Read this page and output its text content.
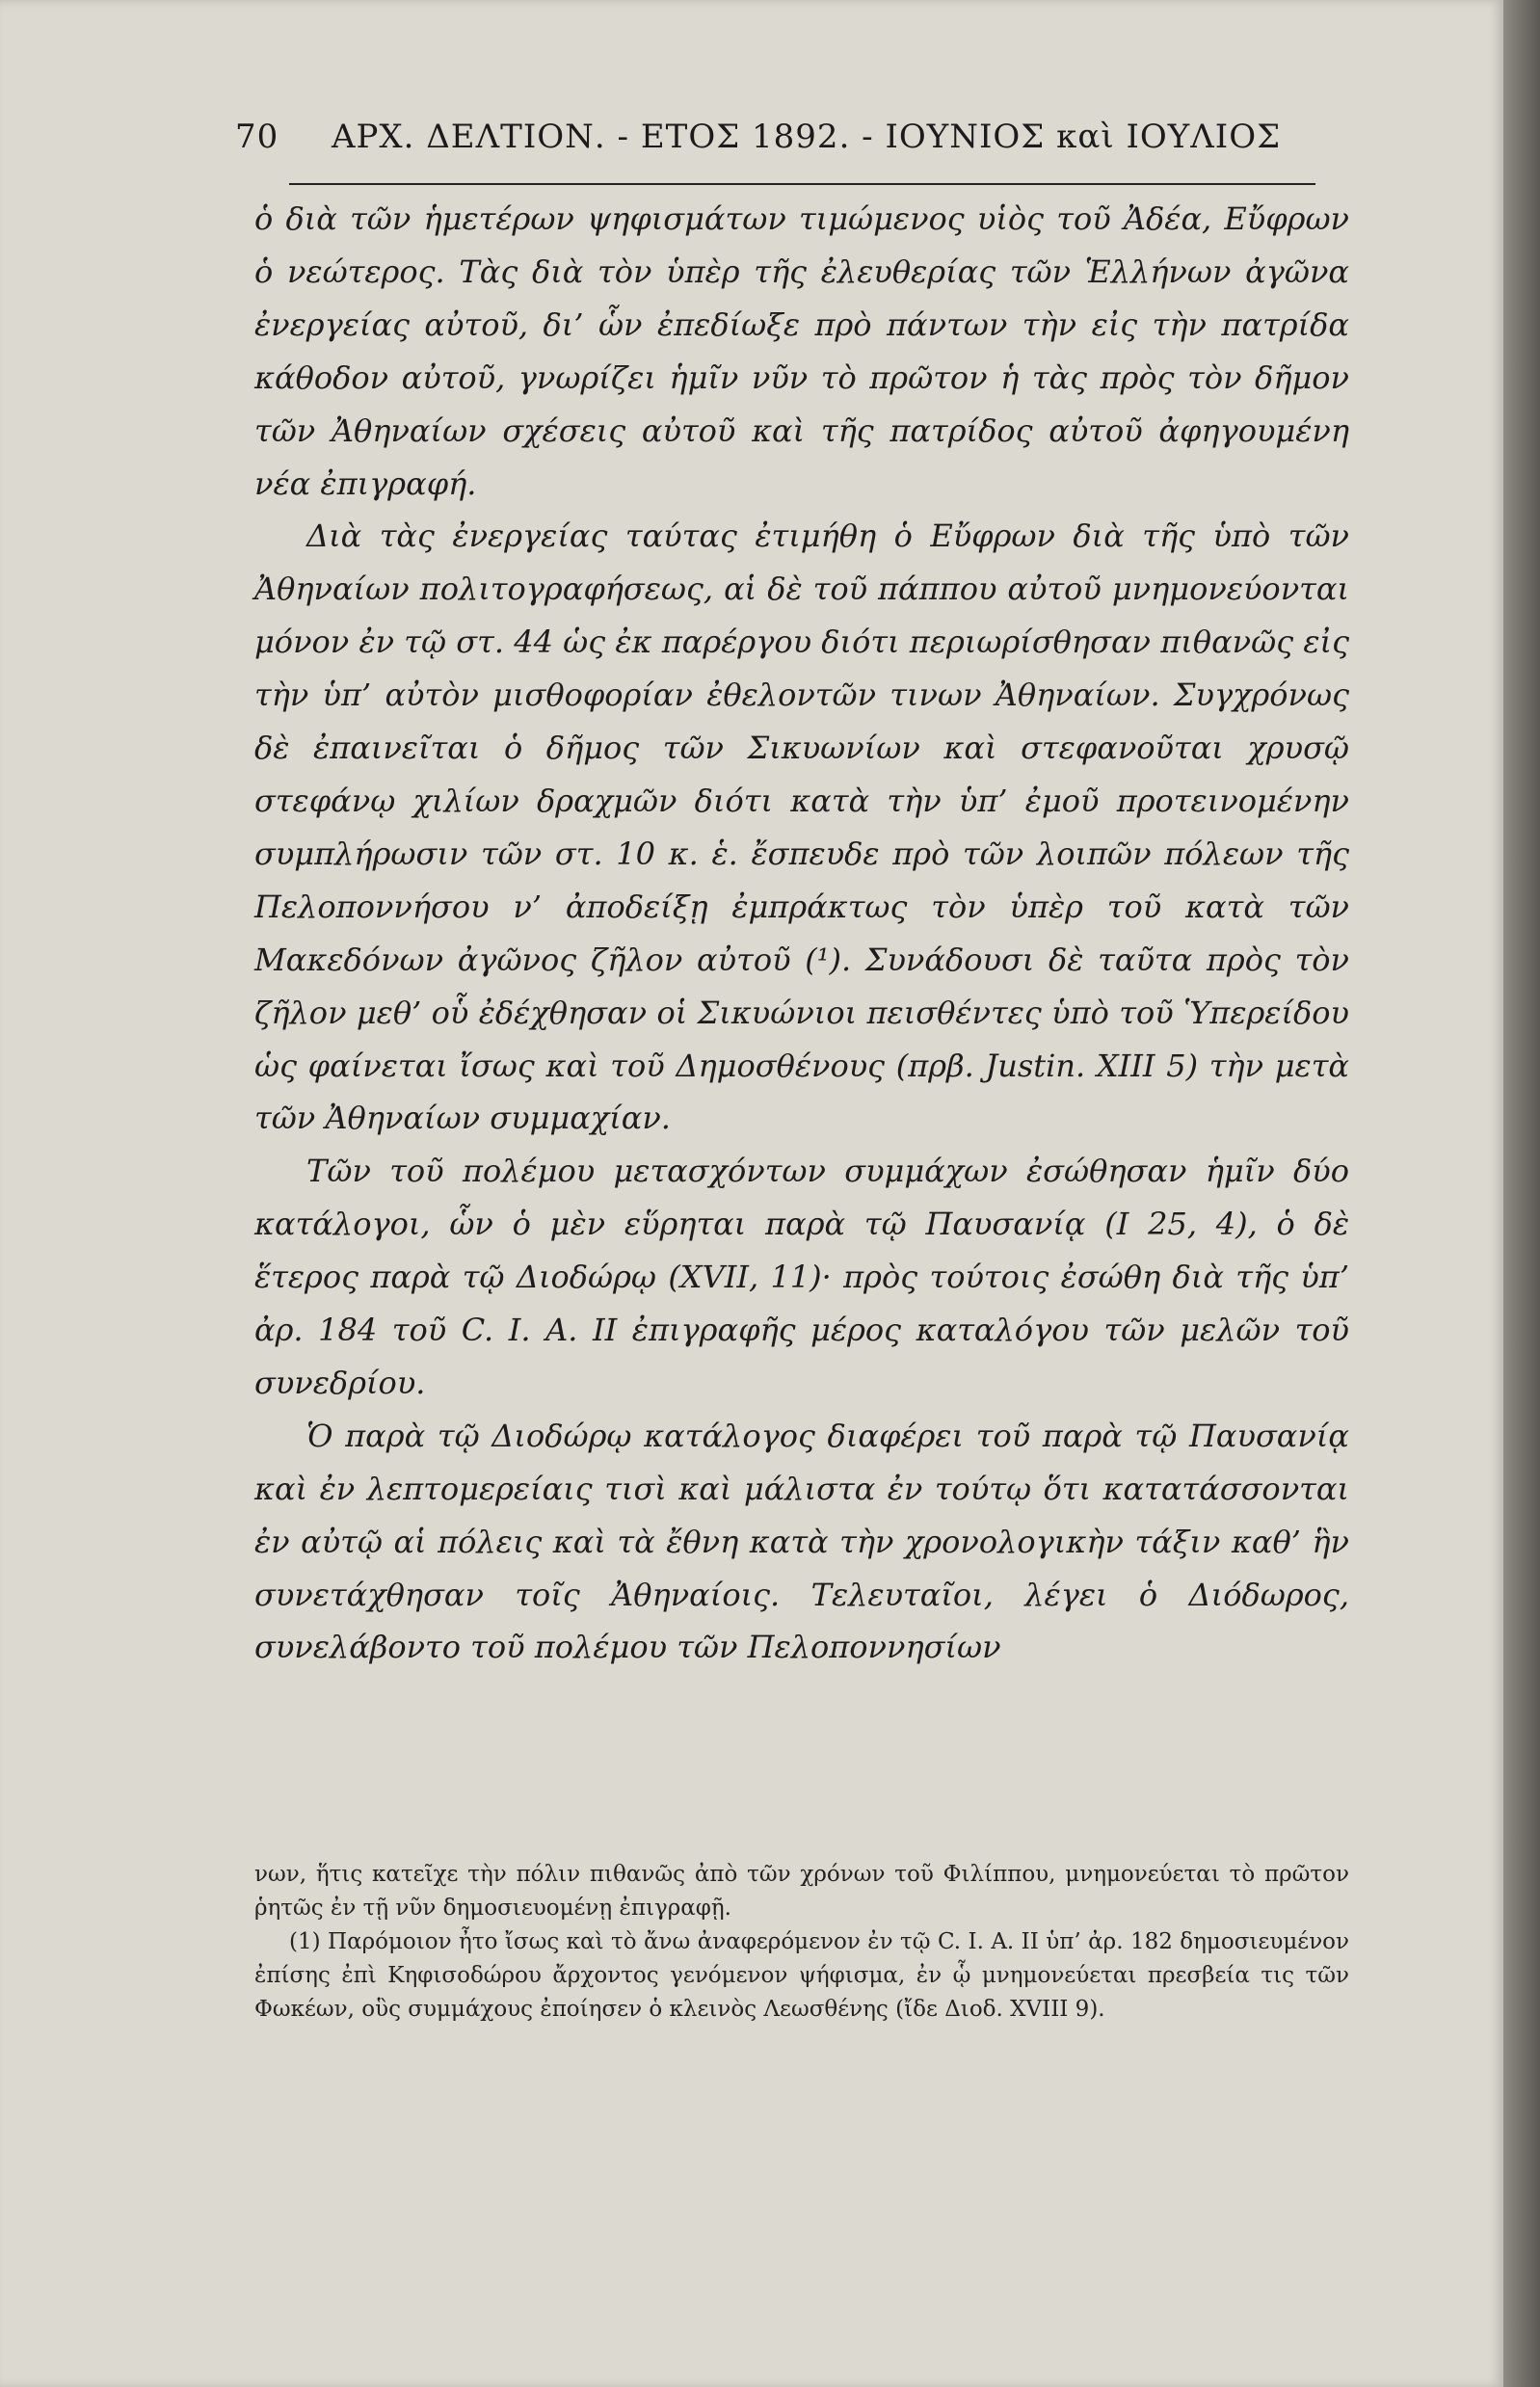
70 ΑΡΧ. ΔΕΛΤΙΟΝ. - ΕΤΟΣ 1892. - ΙΟΥΝΙΟΣ καὶ ΙΟΥΛΙΟΣ

ὁ διὰ τῶν ἡμετέρων ψηφισμάτων τιμώμενος υἱὸς τοῦ Ἀδέα, Εὔφρων ὁ νεώτερος. Τὰς διὰ τὸν ὑπὲρ τῆς ἐλευθερίας τῶν Ἑλλήνων ἀγῶνα ἐνεργείας αὐτοῦ, δι’ ὧν ἐπεδίωξε πρὸ πάντων τὴν εἰς τὴν πατρίδα κάθοδον αὐτοῦ, γνωρίζει ἡμῖν νῦν τὸ πρῶτον ἡ τὰς πρὸς τὸν δῆμον τῶν Ἀθηναίων σχέσεις αὐτοῦ καὶ τῆς πατρίδος αὐτοῦ ἀφηγουμένη νέα ἐπιγραφή.

Διὰ τὰς ἐνεργείας ταύτας ἐτιμήθη ὁ Εὔφρων διὰ τῆς ὑπὸ τῶν Ἀθηναίων πολιτογραφήσεως, αἱ δὲ τοῦ πάππου αὐτοῦ μνημονεύονται μόνον ἐν τῷ στ. 44 ὡς ἐκ παρέργου διότι περιωρίσθησαν πιθανῶς εἰς τὴν ὑπ’ αὐτὸν μισθοφορίαν ἐθελοντῶν τινων Ἀθηναίων. Συγχρόνως δὲ ἐπαινεῖται ὁ δῆμος τῶν Σικυωνίων καὶ στεφανοῦται χρυσῷ στεφάνῳ χιλίων δραχμῶν διότι κατὰ τὴν ὑπ’ ἐμοῦ προτεινομένην συμπλήρωσιν τῶν στ. 10 κ. ἑ. ἔσπευδε πρὸ τῶν λοιπῶν πόλεων τῆς Πελοποννήσου ν’ ἀποδείξῃ ἐμπράκτως τὸν ὑπὲρ τοῦ κατὰ τῶν Μακεδόνων ἀγῶνος ζῆλον αὐτοῦ (¹). Συνάδουσι δὲ ταῦτα πρὸς τὸν ζῆλον μεθ’ οὗ ἐδέχθησαν οἱ Σικυώνιοι πεισθέντες ὑπὸ τοῦ Ὑπερείδου ὡς φαίνεται ἴσως καὶ τοῦ Δημοσθένους (πρβ. Justin. XIII 5) τὴν μετὰ τῶν Ἀθηναίων συμμαχίαν.

Τῶν τοῦ πολέμου μετασχόντων συμμάχων ἐσώθησαν ἡμῖν δύο κατάλογοι, ὧν ὁ μὲν εὕρηται παρὰ τῷ Παυσανίᾳ (I 25, 4), ὁ δὲ ἕτερος παρὰ τῷ Διοδώρῳ (XVII, 11)· πρὸς τούτοις ἐσώθη διὰ τῆς ὑπ’ ἀρ. 184 τοῦ C. I. A. II ἐπιγραφῆς μέρος καταλόγου τῶν μελῶν τοῦ συνεδρίου.

Ὁ παρὰ τῷ Διοδώρῳ κατάλογος διαφέρει τοῦ παρὰ τῷ Παυσανίᾳ καὶ ἐν λεπτομερείαις τισὶ καὶ μάλιστα ἐν τούτῳ ὅτι κατατάσσονται ἐν αὐτῷ αἱ πόλεις καὶ τὰ ἔθνη κατὰ τὴν χρονολογικὴν τάξιν καθ’ ἣν συνετάχθησαν τοῖς Ἀθηναίοις. Τελευταῖοι, λέγει ὁ Διόδωρος, συνελάβοντο τοῦ πολέμου τῶν Πελοποννησίων

νων, ἥτις κατεῖχε τὴν πόλιν πιθανῶς ἀπὸ τῶν χρόνων τοῦ Φιλίππου, μνημονεύεται τὸ πρῶτον ῥητῶς ἐν τῇ νῦν δημοσιευομένῃ ἐπιγραφῇ.

(1) Παρόμοιον ἦτο ἴσως καὶ τὸ ἄνω ἀναφερόμενον ἐν τῷ C. I. A. II ὑπ’ ἀρ. 182 δημοσιευμένον ἐπίσης ἐπὶ Κηφισοδώρου ἄρχοντος γενόμενον ψήφισμα, ἐν ᾧ μνημονεύεται πρεσβεία τις τῶν Φωκέων, οὓς συμμάχους ἐποίησεν ὁ κλεινὸς Λεωσθένης (ἴδε Διοδ. XVIII 9).
